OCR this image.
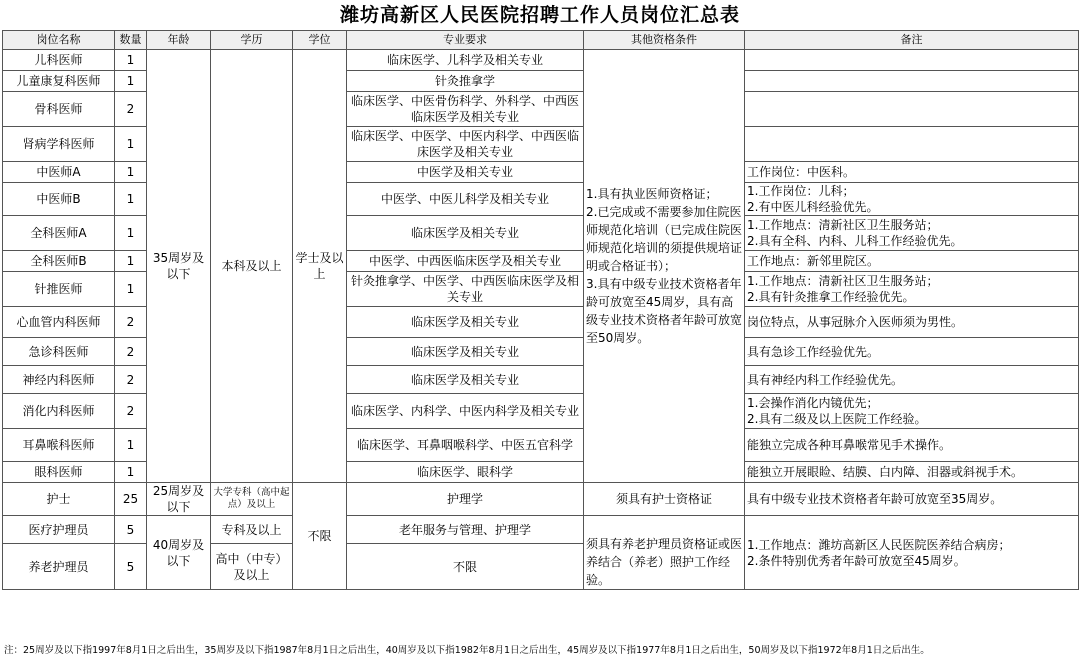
潍坊高新区人民医院招聘工作人员岗位汇总表
岗位名称	数量	年龄	学历	学位	专业要求	其他资格条件	备注
儿科医师	1	35周岁及以下	本科及以上	学士及以上	临床医学、儿科学及相关专业	1.具有执业医师资格证；
2.已完成或不需要参加住院医师规范化培训（已完成住院医师规范化培训的须提供规培证明或合格证书）；
3.具有中级专业技术资格者年龄可放宽至45周岁，具有高级专业技术资格者年龄可放宽至50周岁。	
儿童康复科医师	1				针灸推拿学		
骨科医师	2				临床医学、中医骨伤科学、外科学、中西医临床医学及相关专业		
肾病学科医师	1				临床医学、中医学、中医内科学、中西医临床医学及相关专业		
中医师A	1				中医学及相关专业		工作岗位：中医科。
中医师B	1				中医学、中医儿科学及相关专业		1.工作岗位：儿科；
2.有中医儿科经验优先。
全科医师A	1				临床医学及相关专业		1.工作地点：清新社区卫生服务站；
2.具有全科、内科、儿科工作经验优先。
全科医师B	1				中医学、中西医临床医学及相关专业		工作地点：新邻里院区。
针推医师	1				针灸推拿学、中医学、中西医临床医学及相关专业		1.工作地点：清新社区卫生服务站；
2.具有针灸推拿工作经验优先。
心血管内科医师	2				临床医学及相关专业		岗位特点，从事冠脉介入医师须为男性。
急诊科医师	2				临床医学及相关专业		具有急诊工作经验优先。
神经内科医师	2				临床医学及相关专业		具有神经内科工作经验优先。
消化内科医师	2				临床医学、内科学、中医内科学及相关专业		1.会操作消化内镜优先；
2.具有二级及以上医院工作经验。
耳鼻喉科医师	1				临床医学、耳鼻咽喉科学、中医五官科学		能独立完成各种耳鼻喉常见手术操作。
眼科医师	1				临床医学、眼科学		能独立开展眼睑、结膜、白内障、泪器或斜视手术。
护士	25	25周岁及以下	大学专科（高中起点）及以上	不限	护理学	须具有护士资格证	具有中级专业技术资格者年龄可放宽至35周岁。
医疗护理员	5	40周岁及以下	专科及以上		老年服务与管理、护理学	须具有养老护理员资格证或医养结合（养老）照护工作经验。	1.工作地点：潍坊高新区人民医院医养结合病房；
2.条件特别优秀者年龄可放宽至45周岁。
养老护理员	5		高中（中专）及以上		不限		
注：25周岁及以下指1997年8月1日之后出生，35周岁及以下指1987年8月1日之后出生，40周岁及以下指1982年8月1日之后出生，45周岁及以下指1977年8月1日之后出生，50周岁及以下指1972年8月1日之后出生。
